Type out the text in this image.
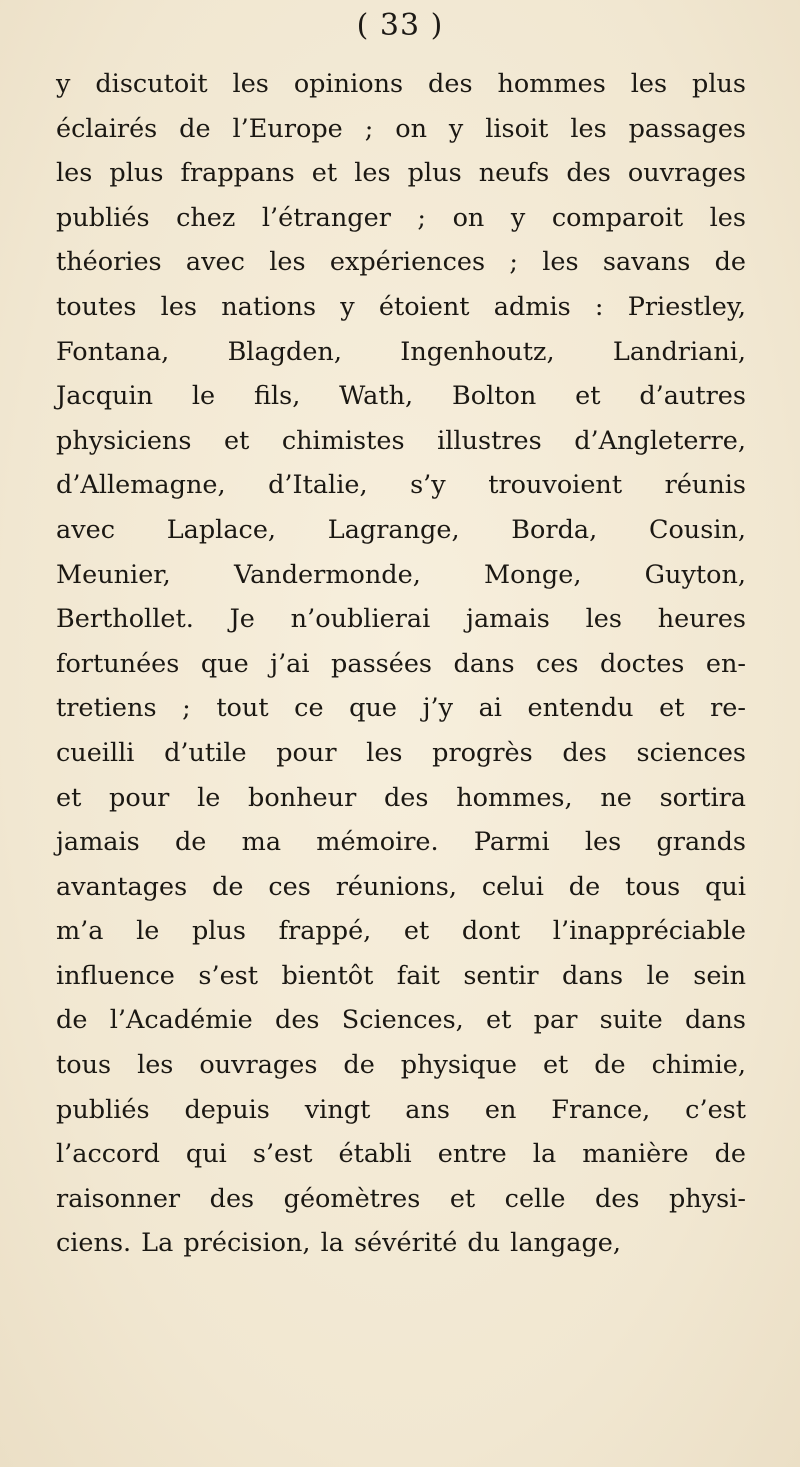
( 33 )
y discutoit les opinions des hommes les plus
éclairés de l’Europe ; on y lisoit les passages
les plus frappans et les plus neufs des ouvrages
publiés chez l’étranger ; on y comparoit les
théories avec les expériences ; les savans de
toutes les nations y étoient admis : Priestley,
Fontana, Blagden, Ingenhoutz, Landriani,
Jacquin le fils, Wath, Bolton et d’autres
physiciens et chimistes illustres d’Angleterre,
d’Allemagne, d’Italie, s’y trouvoient réunis
avec Laplace, Lagrange, Borda, Cousin,
Meunier, Vandermonde, Monge, Guyton,
Berthollet. Je n’oublierai jamais les heures
fortunées que j’ai passées dans ces doctes en-
tretiens ; tout ce que j’y ai entendu et re-
cueilli d’utile pour les progrès des sciences
et pour le bonheur des hommes, ne sortira
jamais de ma mémoire. Parmi les grands
avantages de ces réunions, celui de tous qui
m’a le plus frappé, et dont l’inappréciable
influence s’est bientôt fait sentir dans le sein
de l’Académie des Sciences, et par suite dans
tous les ouvrages de physique et de chimie,
publiés depuis vingt ans en France, c’est
l’accord qui s’est établi entre la manière de
raisonner des géomètres et celle des physi-
ciens. La précision, la sévérité du langage,
